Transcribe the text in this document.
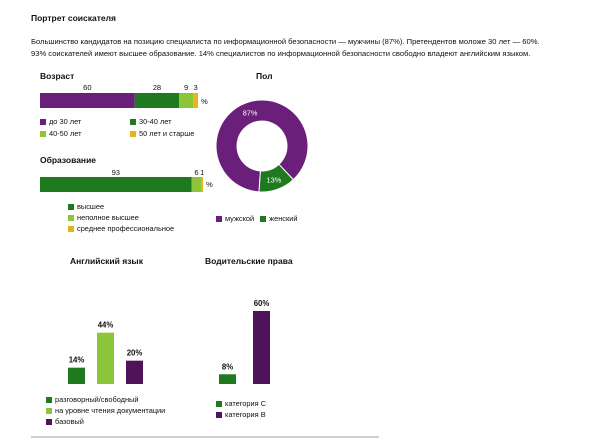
Портрет соискателя

Большинство кандидатов на позицию специалиста по информационной безопасности — мужчины (87%). Претендентов моложе 30 лет — 60%.

93% соискателей имеют высшее образование. 14% специалистов по информационной безопасности свободно владеют английским языком.

Возраст
60	28	9 3
93	6 1
13%
87%
14%
44%
20%
8%
60%
%
до 30 лет	30-40 лет
40-50 лет	50 лет и старше
Образование
%
высшее
неполное высшее
среднее профессиональное
Пол
мужской женский
Английский язык
разговорный/свободный
на уровне чтения документации
базовый
Водительские права
категория С
категория В
